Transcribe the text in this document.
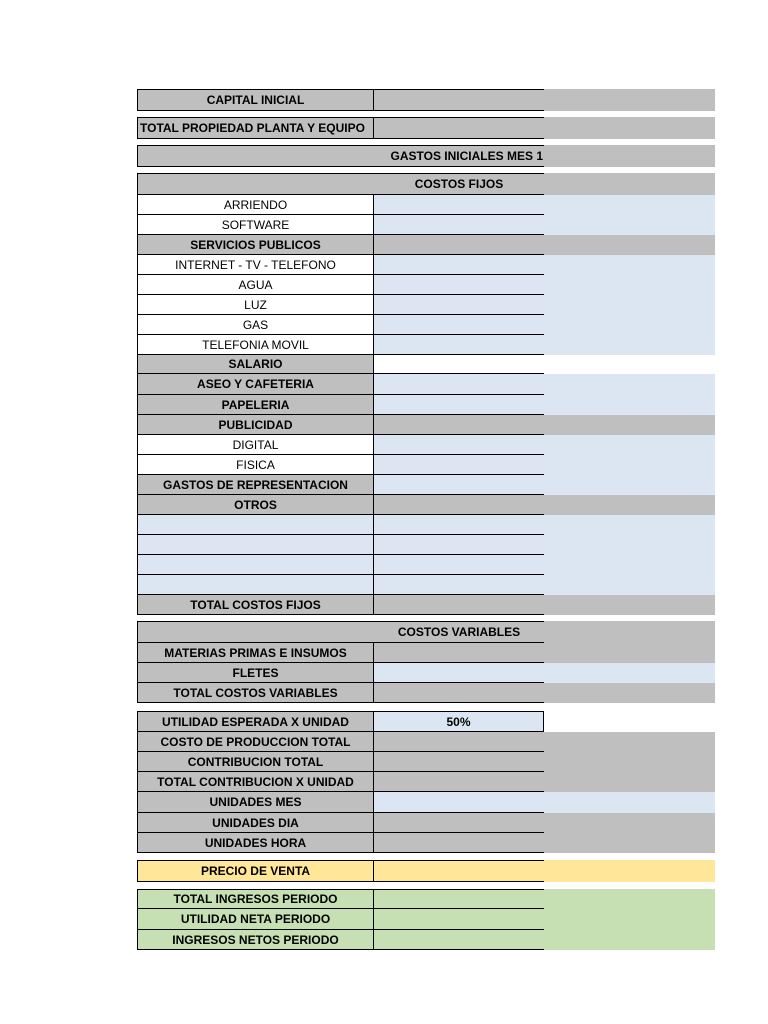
CAPITAL INICIAL
TOTAL PROPIEDAD PLANTA Y EQUIPO
GASTOS INICIALES MES 1
COSTOS FIJOS
ARRIENDO
SOFTWARE
SERVICIOS PUBLICOS
INTERNET - TV - TELEFONO
AGUA
LUZ
GAS
TELEFONIA MOVIL
SALARIO
ASEO Y CAFETERIA
PAPELERIA
PUBLICIDAD
DIGITAL
FISICA
GASTOS DE REPRESENTACION
OTROS
TOTAL COSTOS FIJOS
COSTOS VARIABLES
MATERIAS PRIMAS E INSUMOS
FLETES
TOTAL COSTOS VARIABLES
UTILIDAD ESPERADA X UNIDAD	50%
COSTO DE PRODUCCION TOTAL
CONTRIBUCION TOTAL
TOTAL CONTRIBUCION X UNIDAD
UNIDADES MES
UNIDADES DIA
UNIDADES HORA
PRECIO DE VENTA
TOTAL INGRESOS PERIODO
UTILIDAD NETA PERIODO
INGRESOS NETOS PERIODO
